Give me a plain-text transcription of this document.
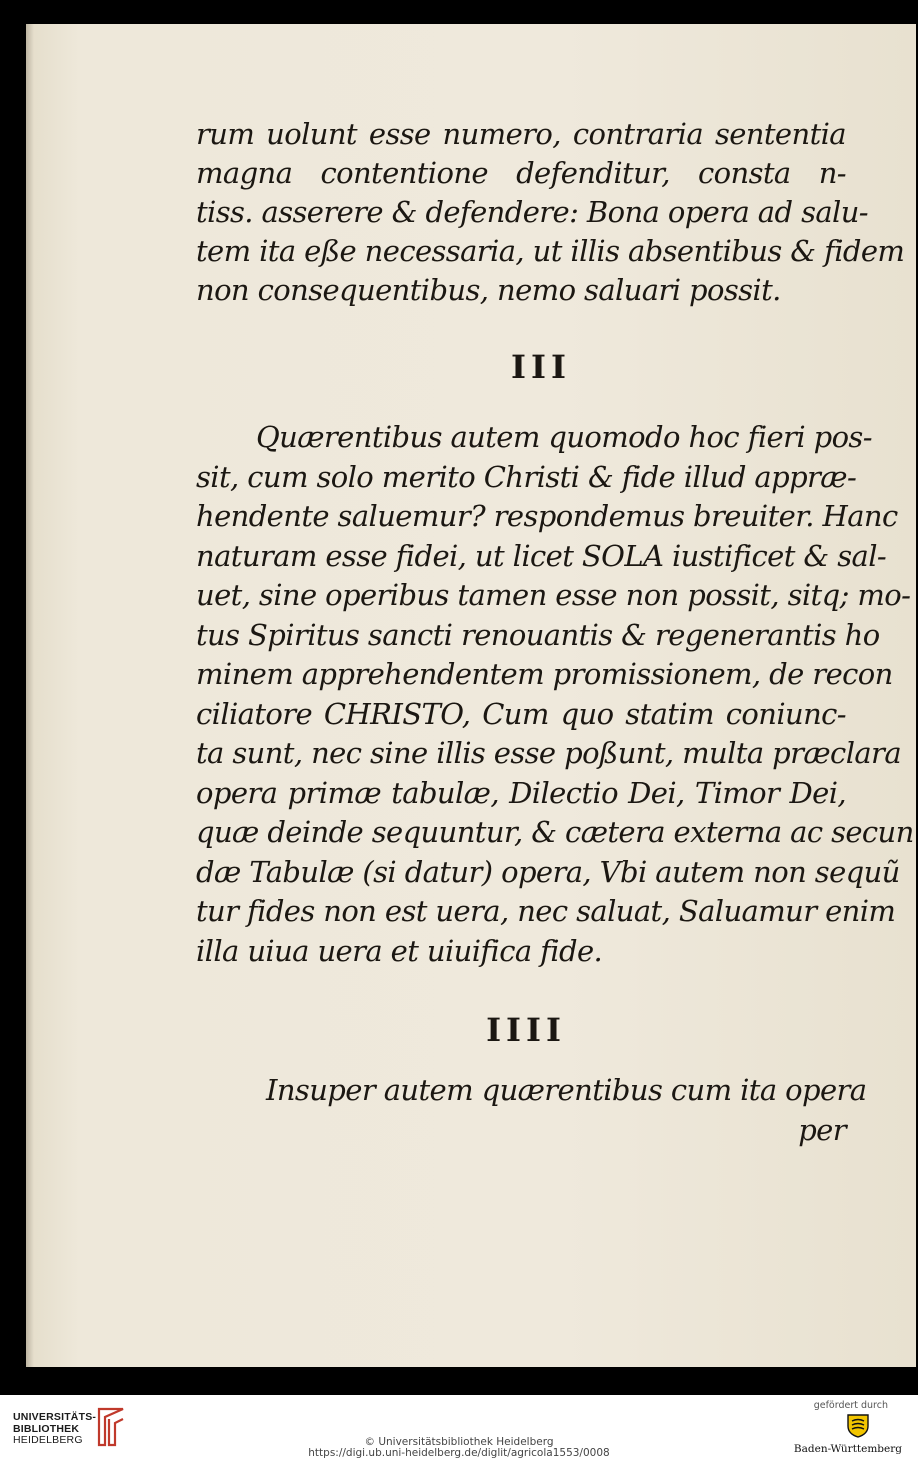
rum uolunt esse numero, contraria sententia
magna contentione defenditur, consta n-
tiss. asserere & defendere: Bona opera ad salu-
tem ita eße necessaria, ut illis absentibus & fidem
non consequentibus, nemo saluari possit.
III
Quærentibus autem quomodo hoc fieri pos-
sit, cum solo merito Christi & fide illud appræ-
hendente saluemur? respondemus breuiter. Hanc
naturam esse fidei, ut licet SOLA iustificet & sal-
uet, sine operibus tamen esse non possit, sitq; mo-
tus Spiritus sancti renouantis & regenerantis ho
minem apprehendentem promissionem, de recon
ciliatore CHRISTO, Cum quo statim coniunc-
ta sunt, nec sine illis esse poßunt, multa præclara
opera primæ tabulæ, Dilectio Dei, Timor Dei,
quæ deinde sequuntur, & cætera externa ac secun
dæ Tabulæ (si datur) opera, Vbi autem non sequũ
tur fides non est uera, nec saluat, Saluamur enim
illa uiua uera et uiuifica fide.
IIII
Insuper autem quærentibus cum ita opera
per
UNIVERSITÄTS-
BIBLIOTHEK
HEIDELBERG	© Universitätsbibliothek Heidelberg
https://digi.ub.uni-heidelberg.de/diglit/agricola1553/0008
gefördert durch
Baden-Württemberg
